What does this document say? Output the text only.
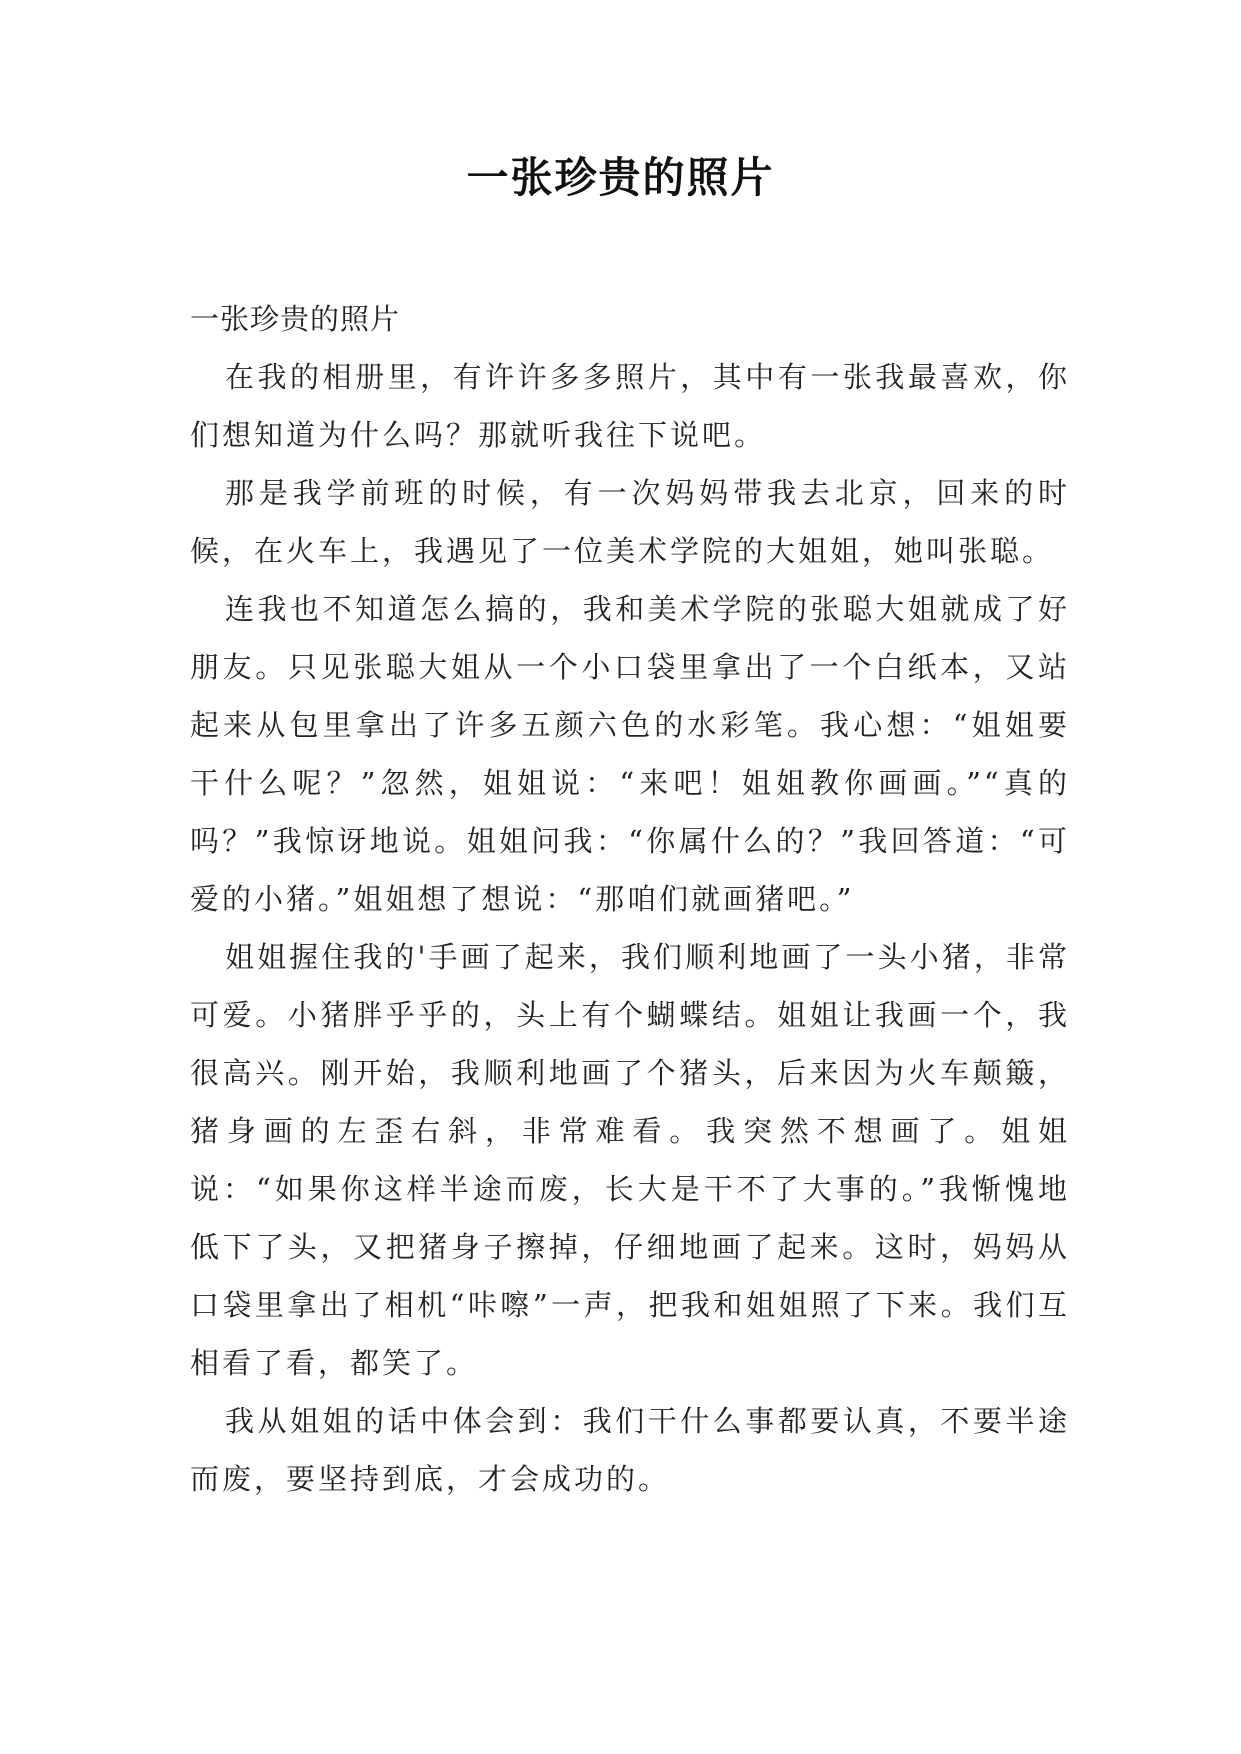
一张珍贵的照片

一张珍贵的照片

在我的相册里，有许许多多照片，其中有一张我最喜欢，你们想知道为什么吗？那就听我往下说吧。

那是我学前班的时候，有一次妈妈带我去北京，回来的时候，在火车上，我遇见了一位美术学院的大姐姐，她叫张聪。

连我也不知道怎么搞的，我和美术学院的张聪大姐就成了好朋友。只见张聪大姐从一个小口袋里拿出了一个白纸本，又站起来从包里拿出了许多五颜六色的水彩笔。我心想：“姐姐要干什么呢？”忽然，姐姐说：“来吧！姐姐教你画画。”“真的吗？”我惊讶地说。姐姐问我：“你属什么的？”我回答道：“可爱的小猪。”姐姐想了想说：“那咱们就画猪吧。”

姐姐握住我的'手画了起来，我们顺利地画了一头小猪，非常可爱。小猪胖乎乎的，头上有个蝴蝶结。姐姐让我画一个，我很高兴。刚开始，我顺利地画了个猪头，后来因为火车颠簸，猪身画的左歪右斜，非常难看。我突然不想画了。姐姐说：“如果你这样半途而废，长大是干不了大事的。”我惭愧地低下了头，又把猪身子擦掉，仔细地画了起来。这时，妈妈从口袋里拿出了相机“咔嚓”一声，把我和姐姐照了下来。我们互相看了看，都笑了。

我从姐姐的话中体会到：我们干什么事都要认真，不要半途而废，要坚持到底，才会成功的。
